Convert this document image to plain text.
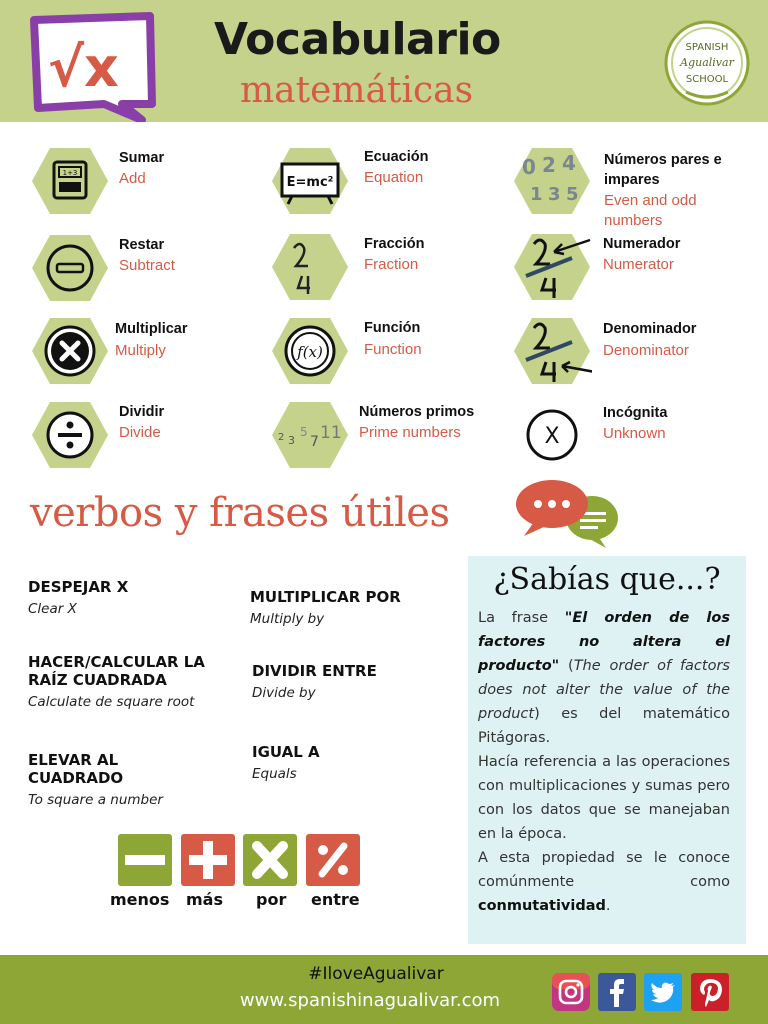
√x Vocabulario
matemáticas
SPANISH
Agualivar
SCHOOL
1+3
Sumar
Add
Restar
Subtract
Multiplicar
Multiply
Dividir
Divide
E=mc²
Ecuación
Equation
Fracción
Fraction
f(x)
Función
Function
2 3
5
7 11
Números primos
Prime numbers
0 2 4
1 3 5
Números pares e impares
Even and odd numbers
Numerador
Numerator
Denominador
Denominator
X
Incógnita
Unknown
verbos y frases útiles
DESPEJAR X
Clear X
HACER/CALCULAR LA RAÍZ CUADRADA
Calculate de square root
ELEVAR AL CUADRADO
To square a number
MULTIPLICAR POR
Multiply by
DIVIDIR ENTRE
Divide by
IGUAL A
Equals
menos más por entre
¿Sabías que...?
La frase "El orden de los factores no altera el producto" (The order of factors does not alter the value of the product) es del matemático Pitágoras.
Hacía referencia a las operaciones con multiplicaciones y sumas pero con los datos que se manejaban en la época.
A esta propiedad se le conoce comúnmente como conmutatividad.
#IloveAgualivar
www.spanishinagualivar.com
